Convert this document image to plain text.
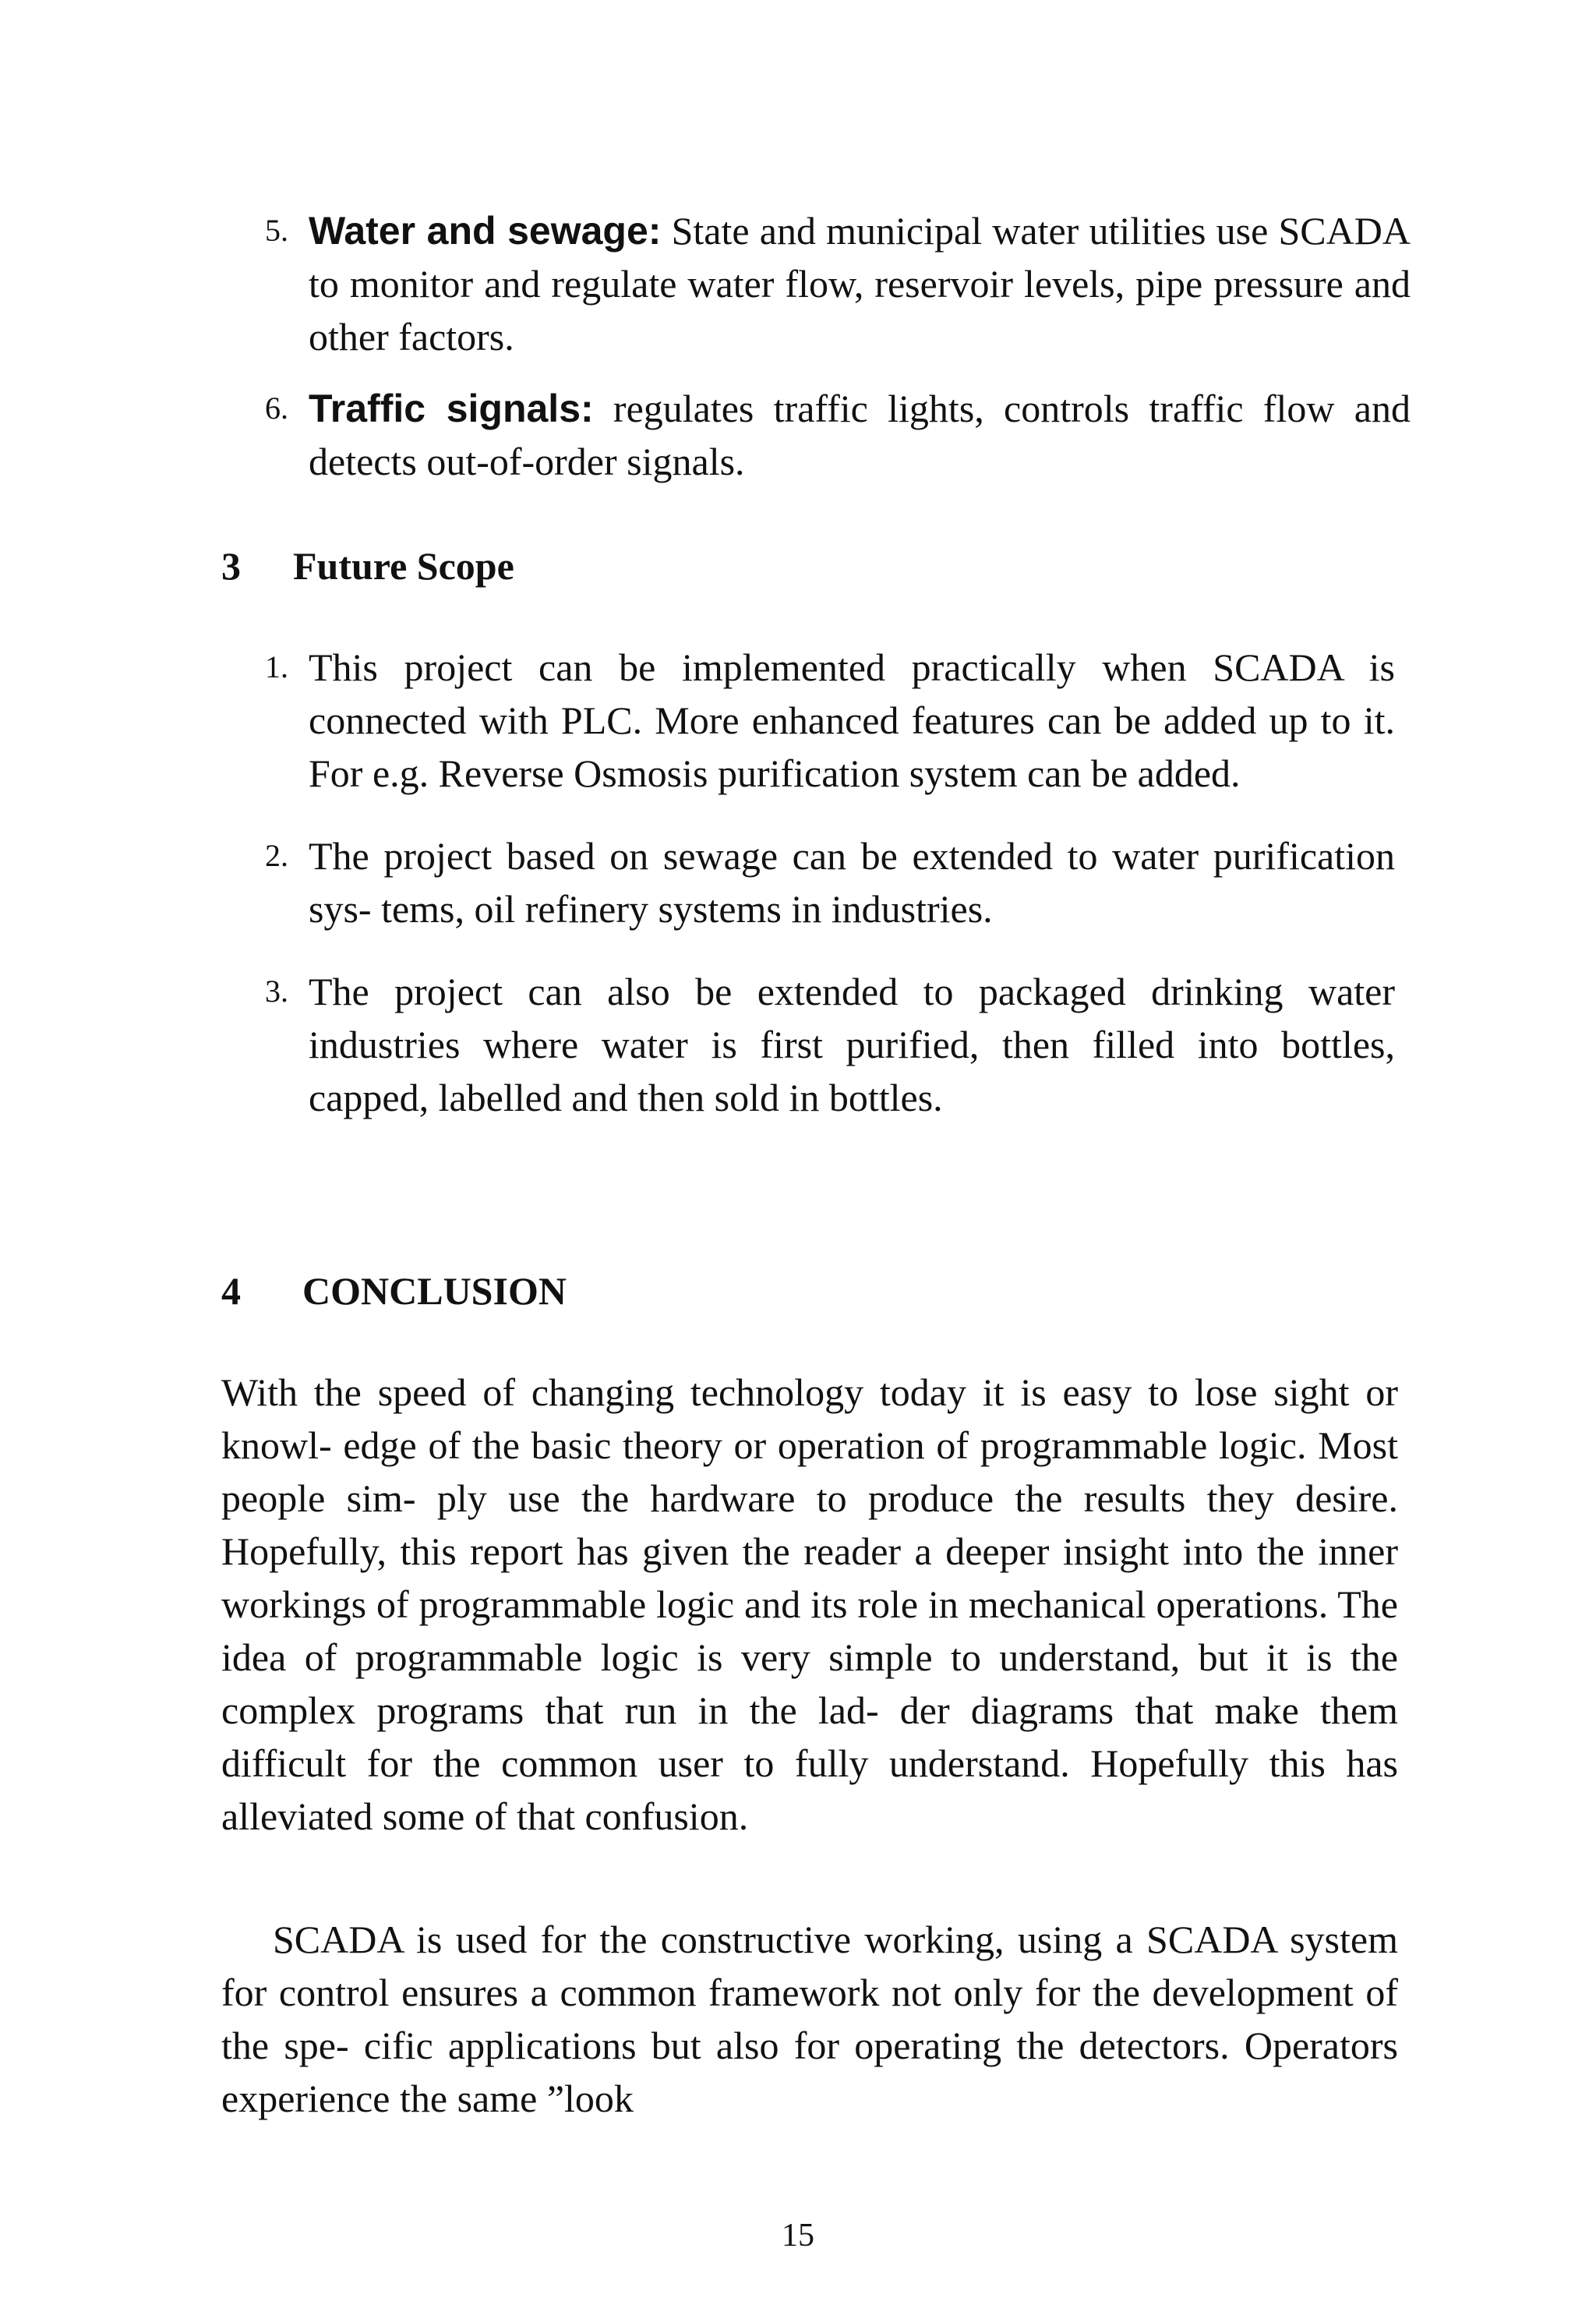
5. Water and sewage: State and municipal water utilities use SCADA to monitor and regulate water flow, reservoir levels, pipe pressure and other factors.
6. Traffic signals: regulates traffic lights, controls traffic flow and detects out-of-order signals.
3 Future Scope
1. This project can be implemented practically when SCADA is connected with PLC. More enhanced features can be added up to it. For e.g. Reverse Osmosis purification system can be added.
2. The project based on sewage can be extended to water purification sys- tems, oil refinery systems in industries.
3. The project can also be extended to packaged drinking water industries where water is first purified, then filled into bottles, capped, labelled and then sold in bottles.
4 CONCLUSION

With the speed of changing technology today it is easy to lose sight or knowl- edge of the basic theory or operation of programmable logic. Most people sim- ply use the hardware to produce the results they desire. Hopefully, this report has given the reader a deeper insight into the inner workings of programmable logic and its role in mechanical operations. The idea of programmable logic is very simple to understand, but it is the complex programs that run in the lad- der diagrams that make them difficult for the common user to fully understand. Hopefully this has alleviated some of that confusion.

SCADA is used for the constructive working, using a SCADA system for control ensures a common framework not only for the development of the spe- cific applications but also for operating the detectors. Operators experience the same ”look

15
